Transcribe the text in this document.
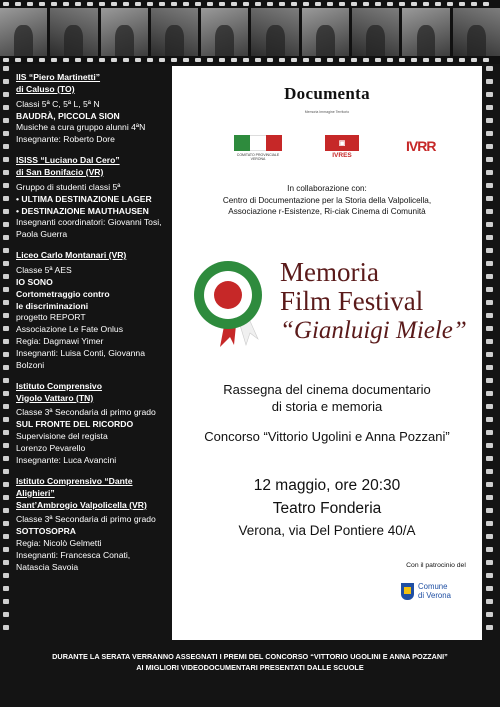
IIS “Piero Martinetti”
di Caluso (TO)
Classi 5ª C, 5ª L, 5ª N
BAUDRÀ, PICCOLA SION
Musiche a cura gruppo alunni 4ªN
Insegnante: Roberto Dore
ISISS “Luciano Dal Cero”
di San Bonifacio (VR)
Gruppo di studenti classi 5ª
• ULTIMA DESTINAZIONE LAGER
• DESTINAZIONE MAUTHAUSEN
Insegnanti coordinatori: Giovanni Tosi,
Paola Guerra
Liceo Carlo Montanari (VR)
Classe 5ª AES
IO SONO
Cortometraggio contro
le discriminazioni
progetto REPORT
Associazione Le Fate Onlus
Regia: Dagmawi Yimer
Insegnanti: Luisa Conti, Giovanna Bolzoni
Istituto Comprensivo
Vigolo Vattaro (TN)
Classe 3ª Secondaria di primo grado
SUL FRONTE DEL RICORDO
Supervisione del regista
Lorenzo Pevarello
Insegnante: Luca Avancini
Istituto Comprensivo “Dante Alighieri”
Sant’Ambrogio Valpolicella (VR)
Classe 3ª Secondaria di primo grado
SOTTOSOPRA
Regia: Nicolò Gelmetti
Insegnanti: Francesca Conati,
Natascia Savoia
Documenta
Memoria Immagine Territorio
COMITATO PROVINCIALE VERONA
▣
IVRES
IVRR
In collaborazione con:
Centro di Documentazione per la Storia della Valpolicella,
Associazione r-Esistenze, Ri-ciak Cinema di Comunità
Memoria
Film Festival
“Gianluigi Miele”
Rassegna del cinema documentario
di storia e memoria
Concorso “Vittorio Ugolini e Anna Pozzani”
12 maggio, ore 20:30
Teatro Fonderia
Verona, via Del Pontiere 40/A
Con il patrocinio del
Comune
di Verona
DURANTE LA SERATA VERRANNO ASSEGNATI I PREMI DEL CONCORSO “VITTORIO UGOLINI E ANNA POZZANI”
AI MIGLIORI VIDEODOCUMENTARI PRESENTATI DALLE SCUOLE
